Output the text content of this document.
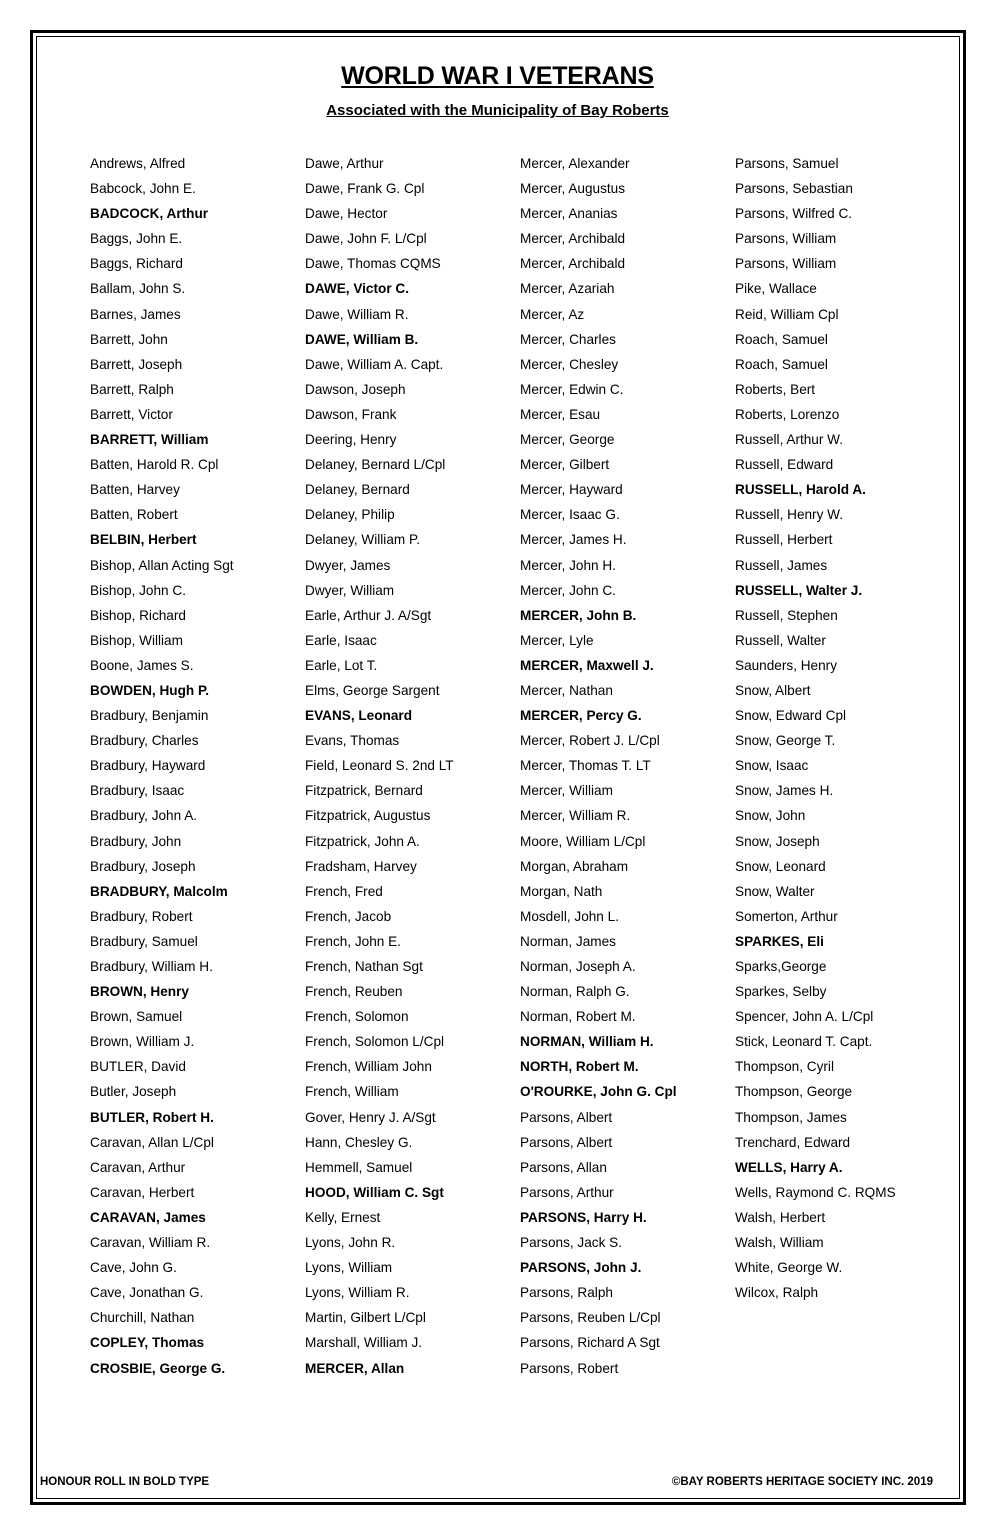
WORLD WAR I VETERANS
Associated with the Municipality of Bay Roberts
Andrews, Alfred
Babcock, John E.
BADCOCK, Arthur
Baggs, John E.
Baggs, Richard
Ballam, John S.
Barnes, James
Barrett, John
Barrett, Joseph
Barrett, Ralph
Barrett, Victor
BARRETT, William
Batten, Harold R. Cpl
Batten, Harvey
Batten, Robert
BELBIN, Herbert
Bishop, Allan Acting Sgt
Bishop, John C.
Bishop, Richard
Bishop, William
Boone, James S.
BOWDEN, Hugh P.
Bradbury, Benjamin
Bradbury, Charles
Bradbury, Hayward
Bradbury, Isaac
Bradbury, John A.
Bradbury, John
Bradbury, Joseph
BRADBURY, Malcolm
Bradbury, Robert
Bradbury, Samuel
Bradbury, William H.
BROWN, Henry
Brown, Samuel
Brown, William J.
BUTLER, David
Butler, Joseph
BUTLER, Robert H.
Caravan, Allan L/Cpl
Caravan, Arthur
Caravan, Herbert
CARAVAN, James
Caravan, William R.
Cave, John G.
Cave, Jonathan G.
Churchill, Nathan
COPLEY, Thomas
CROSBIE, George G.
Dawe, Arthur
Dawe, Frank G. Cpl
Dawe, Hector
Dawe, John F. L/Cpl
Dawe, Thomas CQMS
DAWE, Victor C.
Dawe, William R.
DAWE, William B.
Dawe, William A. Capt.
Dawson, Joseph
Dawson, Frank
Deering, Henry
Delaney, Bernard L/Cpl
Delaney, Bernard
Delaney, Philip
Delaney, William P.
Dwyer, James
Dwyer, William
Earle, Arthur J. A/Sgt
Earle, Isaac
Earle, Lot T.
Elms, George Sargent
EVANS, Leonard
Evans, Thomas
Field, Leonard S. 2nd LT
Fitzpatrick, Bernard
Fitzpatrick, Augustus
Fitzpatrick, John A.
Fradsham, Harvey
French, Fred
French, Jacob
French, John E.
French, Nathan Sgt
French, Reuben
French, Solomon
French, Solomon L/Cpl
French, William John
French, William
Gover, Henry J. A/Sgt
Hann, Chesley G.
Hemmell, Samuel
HOOD, William C. Sgt
Kelly, Ernest
Lyons, John R.
Lyons, William
Lyons, William R.
Martin, Gilbert L/Cpl
Marshall, William J.
MERCER, Allan
Mercer, Alexander
Mercer, Augustus
Mercer, Ananias
Mercer, Archibald
Mercer, Archibald
Mercer, Azariah
Mercer, Az
Mercer, Charles
Mercer, Chesley
Mercer, Edwin C.
Mercer, Esau
Mercer, George
Mercer, Gilbert
Mercer, Hayward
Mercer, Isaac G.
Mercer, James H.
Mercer, John H.
Mercer, John C.
MERCER, John B.
Mercer, Lyle
MERCER, Maxwell J.
Mercer, Nathan
MERCER, Percy G.
Mercer, Robert J. L/Cpl
Mercer, Thomas T. LT
Mercer, William
Mercer, William R.
Moore, William L/Cpl
Morgan, Abraham
Morgan, Nath
Mosdell, John L.
Norman, James
Norman, Joseph A.
Norman, Ralph G.
Norman, Robert M.
NORMAN, William H.
NORTH, Robert M.
O'ROURKE, John G. Cpl
Parsons, Albert
Parsons, Albert
Parsons, Allan
Parsons, Arthur
PARSONS, Harry H.
Parsons, Jack S.
PARSONS, John J.
Parsons, Ralph
Parsons, Reuben L/Cpl
Parsons, Richard A Sgt
Parsons, Robert
Parsons, Samuel
Parsons, Sebastian
Parsons, Wilfred C.
Parsons, William
Parsons, William
Pike, Wallace
Reid, William Cpl
Roach, Samuel
Roach, Samuel
Roberts, Bert
Roberts, Lorenzo
Russell, Arthur W.
Russell, Edward
RUSSELL, Harold A.
Russell, Henry W.
Russell, Herbert
Russell, James
RUSSELL, Walter J.
Russell, Stephen
Russell, Walter
Saunders, Henry
Snow, Albert
Snow, Edward Cpl
Snow, George T.
Snow, Isaac
Snow, James H.
Snow, John
Snow, Joseph
Snow, Leonard
Snow, Walter
Somerton, Arthur
SPARKES, Eli
Sparks,George
Sparkes, Selby
Spencer, John A. L/Cpl
Stick, Leonard T. Capt.
Thompson, Cyril
Thompson, George
Thompson, James
Trenchard, Edward
WELLS, Harry A.
Wells, Raymond C. RQMS
Walsh, Herbert
Walsh, William
White, George W.
Wilcox, Ralph
HONOUR ROLL IN BOLD TYPE	©BAY ROBERTS HERITAGE SOCIETY INC. 2019
